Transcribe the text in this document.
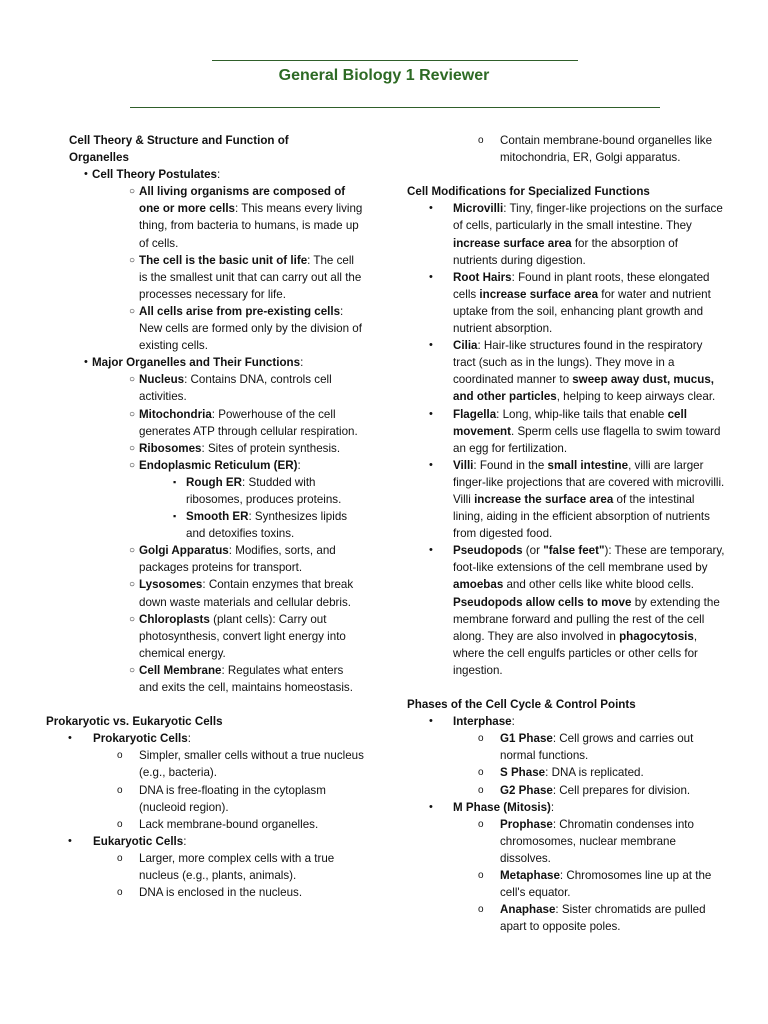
General Biology 1 Reviewer
Cell Theory & Structure and Function of Organelles
• Cell Theory Postulates:
○ All living organisms are composed of one or more cells: This means every living thing, from bacteria to humans, is made up of cells.
○ The cell is the basic unit of life: The cell is the smallest unit that can carry out all the processes necessary for life.
○ All cells arise from pre-existing cells: New cells are formed only by the division of existing cells.
• Major Organelles and Their Functions:
○ Nucleus: Contains DNA, controls cell activities.
○ Mitochondria: Powerhouse of the cell generates ATP through cellular respiration.
○ Ribosomes: Sites of protein synthesis.
○ Endoplasmic Reticulum (ER):
▪ Rough ER: Studded with ribosomes, produces proteins.
▪ Smooth ER: Synthesizes lipids and detoxifies toxins.
○ Golgi Apparatus: Modifies, sorts, and packages proteins for transport.
○ Lysosomes: Contain enzymes that break down waste materials and cellular debris.
○ Chloroplasts (plant cells): Carry out photosynthesis, convert light energy into chemical energy.
○ Cell Membrane: Regulates what enters and exits the cell, maintains homeostasis.
Prokaryotic vs. Eukaryotic Cells
• Prokaryotic Cells:
o Simpler, smaller cells without a true nucleus (e.g., bacteria).
o DNA is free-floating in the cytoplasm (nucleoid region).
o Lack membrane-bound organelles.
• Eukaryotic Cells:
o Larger, more complex cells with a true nucleus (e.g., plants, animals).
o DNA is enclosed in the nucleus.
o Contain membrane-bound organelles like mitochondria, ER, Golgi apparatus.
Cell Modifications for Specialized Functions
• Microvilli: Tiny, finger-like projections on the surface of cells, particularly in the small intestine. They increase surface area for the absorption of nutrients during digestion.
• Root Hairs: Found in plant roots, these elongated cells increase surface area for water and nutrient uptake from the soil, enhancing plant growth and nutrient absorption.
• Cilia: Hair-like structures found in the respiratory tract (such as in the lungs). They move in a coordinated manner to sweep away dust, mucus, and other particles, helping to keep airways clear.
• Flagella: Long, whip-like tails that enable cell movement. Sperm cells use flagella to swim toward an egg for fertilization.
• Villi: Found in the small intestine, villi are larger finger-like projections that are covered with microvilli. Villi increase the surface area of the intestinal lining, aiding in the efficient absorption of nutrients from digested food.
• Pseudopods (or "false feet"): These are temporary, foot-like extensions of the cell membrane used by amoebas and other cells like white blood cells. Pseudopods allow cells to move by extending the membrane forward and pulling the rest of the cell along. They are also involved in phagocytosis, where the cell engulfs particles or other cells for ingestion.
Phases of the Cell Cycle & Control Points
• Interphase:
o G1 Phase: Cell grows and carries out normal functions.
o S Phase: DNA is replicated.
o G2 Phase: Cell prepares for division.
• M Phase (Mitosis):
o Prophase: Chromatin condenses into chromosomes, nuclear membrane dissolves.
o Metaphase: Chromosomes line up at the cell's equator.
o Anaphase: Sister chromatids are pulled apart to opposite poles.
